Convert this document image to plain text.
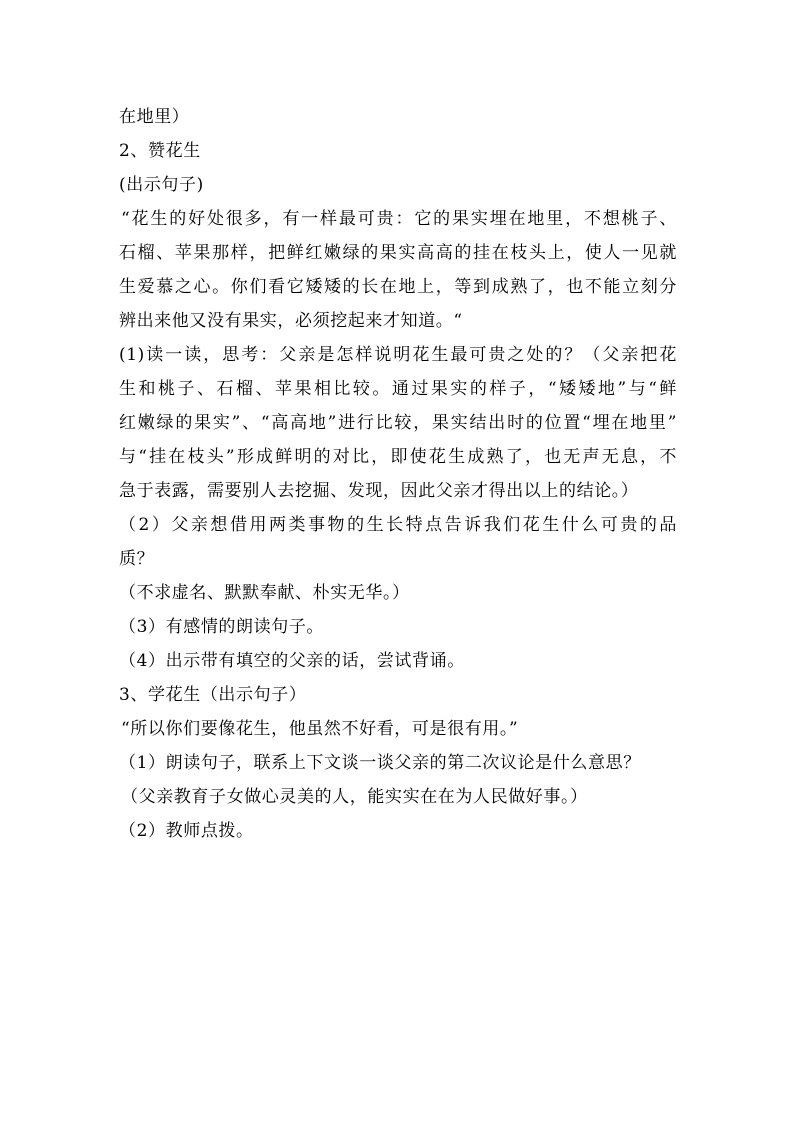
在地里）
2、赞花生
(出示句子)
“花生的好处很多，有一样最可贵：它的果实埋在地里，不想桃子、
石榴、苹果那样，把鲜红嫩绿的果实高高的挂在枝头上，使人一见就
生爱慕之心。你们看它矮矮的长在地上，等到成熟了，也不能立刻分
辨出来他又没有果实，必须挖起来才知道。“
(1)读一读，思考：父亲是怎样说明花生最可贵之处的？（父亲把花
生和桃子、石榴、苹果相比较。通过果实的样子，“矮矮地”与“鲜
红嫩绿的果实”、“高高地”进行比较，果实结出时的位置“埋在地里”
与“挂在枝头”形成鲜明的对比，即使花生成熟了，也无声无息，不
急于表露，需要别人去挖掘、发现，因此父亲才得出以上的结论。）
（2）父亲想借用两类事物的生长特点告诉我们花生什么可贵的品
质？
（不求虚名、默默奉献、朴实无华。）
（3）有感情的朗读句子。
（4）出示带有填空的父亲的话，尝试背诵。
3、学花生（出示句子）
“所以你们要像花生，他虽然不好看，可是很有用。”
（1）朗读句子，联系上下文谈一谈父亲的第二次议论是什么意思？
（父亲教育子女做心灵美的人，能实实在在为人民做好事。）
（2）教师点拨。
